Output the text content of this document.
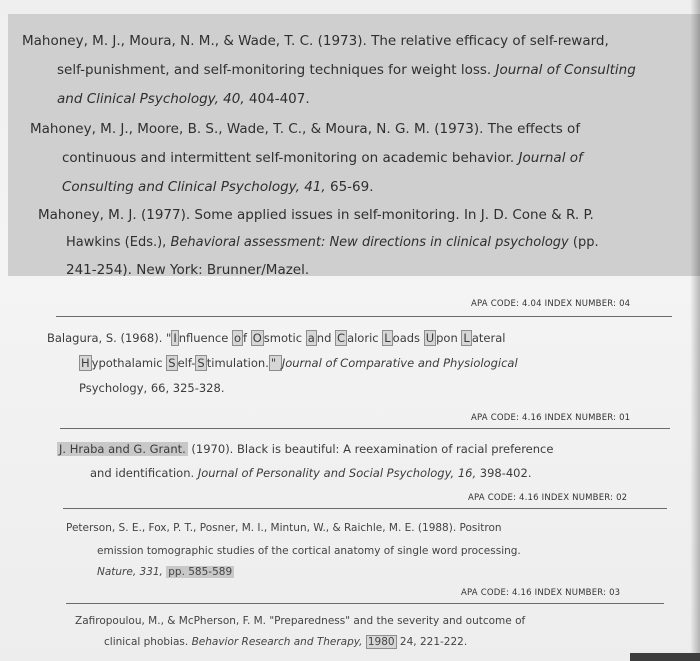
Mahoney, M. J., Moura, N. M., & Wade, T. C. (1973). The relative efficacy of self-reward,
self-punishment, and self-monitoring techniques for weight loss. Journal of Consulting
and Clinical Psychology, 40, 404-407.
Mahoney, M. J., Moore, B. S., Wade, T. C., & Moura, N. G. M. (1973). The effects of
continuous and intermittent self-monitoring on academic behavior. Journal of
Consulting and Clinical Psychology, 41, 65-69.
Mahoney, M. J. (1977). Some applied issues in self-monitoring. In J. D. Cone & R. P.
Hawkins (Eds.), Behavioral assessment: New directions in clinical psychology (pp.
241-254). New York: Brunner/Mazel.
APA CODE: 4.04 INDEX NUMBER: 04
Balagura, S. (1968). " I nfluence o f O smotic a nd C aloric L oads U pon L ateral
H ypothalamic S elf- S timulation. " Journal of Comparative and Physiological
Psychology, 66, 325-328.
APA CODE: 4.16 INDEX NUMBER: 01
J. Hraba and G. Grant. (1970). Black is beautiful: A reexamination of racial preference
and identification. Journal of Personality and Social Psychology, 16, 398-402.
APA CODE: 4.16 INDEX NUMBER: 02
Peterson, S. E., Fox, P. T., Posner, M. I., Mintun, W., & Raichle, M. E. (1988). Positron
emission tomographic studies of the cortical anatomy of single word processing.
Nature, 331, pp. 585-589
APA CODE: 4.16 INDEX NUMBER: 03
Zafiropoulou, M., & McPherson, F. M. "Preparedness" and the severity and outcome of
clinical phobias. Behavior Research and Therapy, 1980 24, 221-222.
